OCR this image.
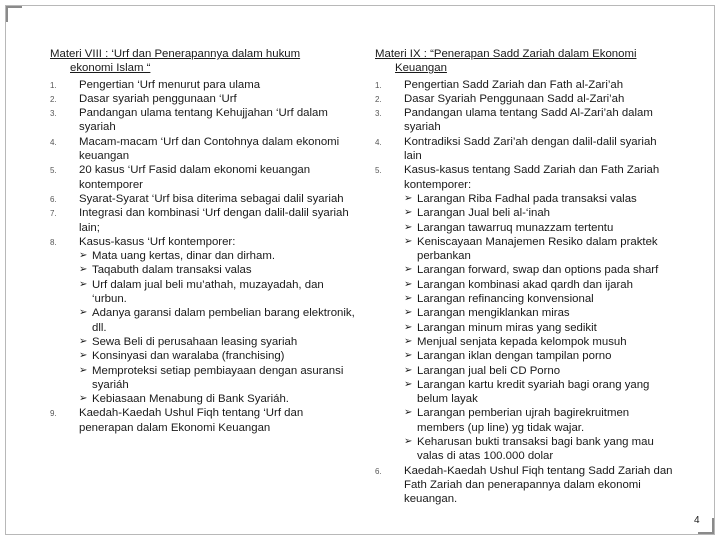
Materi VIII : ‘Urf dan Penerapannya dalam hukum
ekonomi Islam “
1. Pengertian ‘Urf menurut para ulama
2. Dasar syariah penggunaan ‘Urf
3. Pandangan ulama tentang Kehujjahan ‘Urf dalam syariah
4. Macam-macam ‘Urf dan Contohnya dalam ekonomi keuangan
5. 20 kasus ‘Urf Fasid dalam ekonomi keuangan kontemporer
6. Syarat-Syarat ‘Urf bisa diterima sebagai dalil syariah
7. Integrasi dan kombinasi ‘Urf dengan dalil-dalil syariah lain;
8. Kasus-kasus ‘Urf kontemporer:
➢ Mata uang kertas, dinar dan dirham.
➢ Taqabuth dalam transaksi valas
➢ Urf dalam jual beli mu’athah, muzayadah, dan ‘urbun.
➢ Adanya garansi dalam pembelian barang elektronik, dll.
➢ Sewa Beli di perusahaan leasing syariah
➢ Konsinyasi dan waralaba (franchising)
➢ Memproteksi setiap pembiayaan dengan asuransi syariáh
➢ Kebiasaan Menabung di Bank Syariáh.
9. Kaedah-Kaedah Ushul Fiqh tentang ‘Urf dan penerapan dalam Ekonomi Keuangan
Materi IX : “Penerapan Sadd Zariah dalam Ekonomi
Keuangan
1. Pengertian Sadd Zariah dan Fath al-Zari’ah
2. Dasar Syariah Penggunaan Sadd al-Zari’ah
3. Pandangan ulama tentang Sadd Al-Zari’ah dalam syariah
4. Kontradiksi Sadd Zari’ah dengan dalil-dalil syariah lain
5. Kasus-kasus tentang Sadd Zariah dan Fath Zariah kontemporer:
➢ Larangan Riba Fadhal pada transaksi valas
➢ Larangan Jual beli al-‘inah
➢ Larangan tawarruq munazzam tertentu
➢ Keniscayaan Manajemen Resiko dalam praktek perbankan
➢ Larangan forward, swap dan options pada sharf
➢ Larangan kombinasi akad qardh dan ijarah
➢ Larangan refinancing konvensional
➢ Larangan mengiklankan miras
➢ Larangan minum miras yang sedikit
➢ Menjual senjata kepada kelompok musuh
➢ Larangan iklan dengan tampilan porno
➢ Larangan jual beli CD Porno
➢ Larangan kartu kredit syariah bagi orang yang belum layak
➢ Larangan pemberian ujrah bagirekruitmen members (up line) yg tidak wajar.
➢ Keharusan bukti transaksi bagi bank yang mau valas di atas 100.000 dolar
6. Kaedah-Kaedah Ushul Fiqh tentang Sadd Zariah dan Fath Zariah dan penerapannya dalam ekonomi keuangan.
4
